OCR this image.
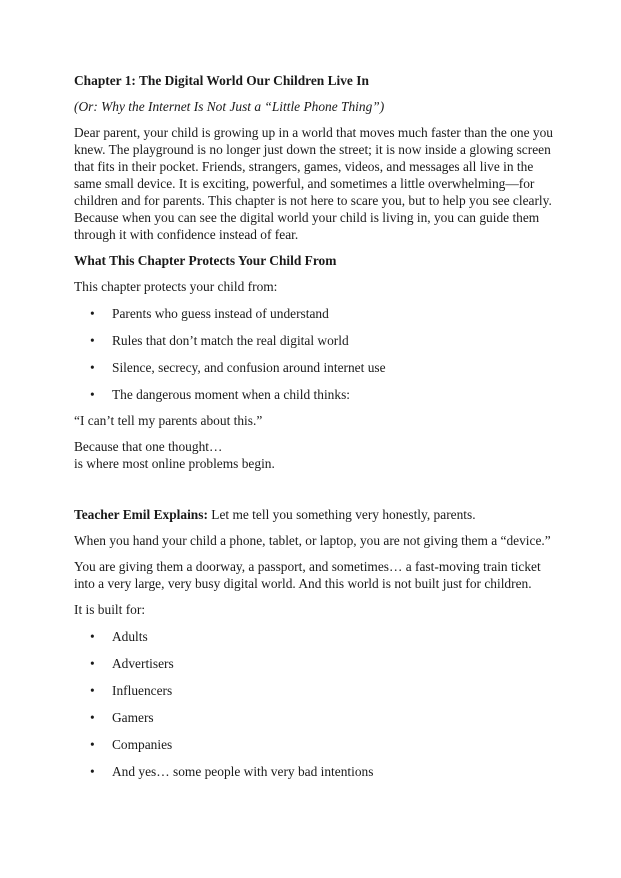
Chapter 1: The Digital World Our Children Live In

(Or: Why the Internet Is Not Just a “Little Phone Thing”)

Dear parent, your child is growing up in a world that moves much faster than the one you knew. The playground is no longer just down the street; it is now inside a glowing screen that fits in their pocket. Friends, strangers, games, videos, and messages all live in the same small device. It is exciting, powerful, and sometimes a little overwhelming—for children and for parents. This chapter is not here to scare you, but to help you see clearly. Because when you can see the digital world your child is living in, you can guide them through it with confidence instead of fear.

What This Chapter Protects Your Child From

This chapter protects your child from:

• Parents who guess instead of understand
• Rules that don’t match the real digital world
• Silence, secrecy, and confusion around internet use
• The dangerous moment when a child thinks:

“I can’t tell my parents about this.”

Because that one thought…

is where most online problems begin.

Teacher Emil Explains: Let me tell you something very honestly, parents.

When you hand your child a phone, tablet, or laptop, you are not giving them a “device.”

You are giving them a doorway, a passport, and sometimes… a fast-moving train ticket into a very large, very busy digital world. And this world is not built just for children.

It is built for:

• Adults
• Advertisers
• Influencers
• Gamers
• Companies
• And yes… some people with very bad intentions
